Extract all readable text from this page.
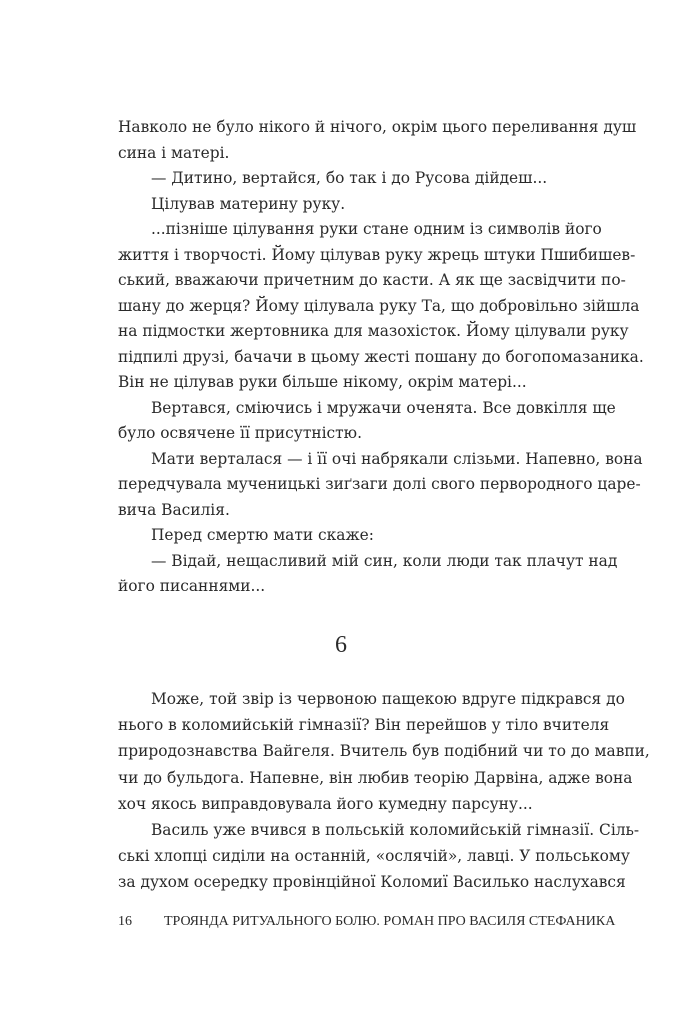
Навколо не було нікого й нічого, окрім цього переливання душ
сина і матері.
— Дитино, вертайся, бо так і до Русова дійдеш...
Цілував материну руку.
...пізніше цілування руки стане одним із символів його
життя і творчості. Йому цілував руку жрець штуки Пшибишев-
ський, вважаючи причетним до касти. А як ще засвідчити по-
шану до жерця? Йому цілувала руку Та, що добровільно зійшла
на підмостки жертовника для мазохісток. Йому цілували руку
підпилі друзі, бачачи в цьому жесті пошану до богопомазаника.
Він не цілував руки більше нікому, окрім матері...
Вертався, сміючись і мружачи оченята. Все довкілля ще
було освячене її присутністю.
Мати верталася — і її очі набрякали слізьми. Напевно, вона
передчувала мученицькі зиґзаги долі свого первородного царе-
вича Василія.
Перед смертю мати скаже:
— Відай, нещасливий мій син, коли люди так плачут над
його писаннями...
6
Може, той звір із червоною пащекою вдруге підкрався до
нього в коломийській гімназії? Він перейшов у тіло вчителя
природознавства Вайгеля. Вчитель був подібний чи то до мавпи,
чи до бульдога. Напевне, він любив теорію Дарвіна, адже вона
хоч якось виправдовувала його кумедну парсуну...
Василь уже вчився в польській коломийській гімназії. Сіль-
ські хлопці сиділи на останній, «ослячій», лавці. У польському
за духом осередку провінційної Коломиї Василько наслухався
16 ТРОЯНДА РИТУАЛЬНОГО БОЛЮ. РОМАН ПРО ВАСИЛЯ СТЕФАНИКА
